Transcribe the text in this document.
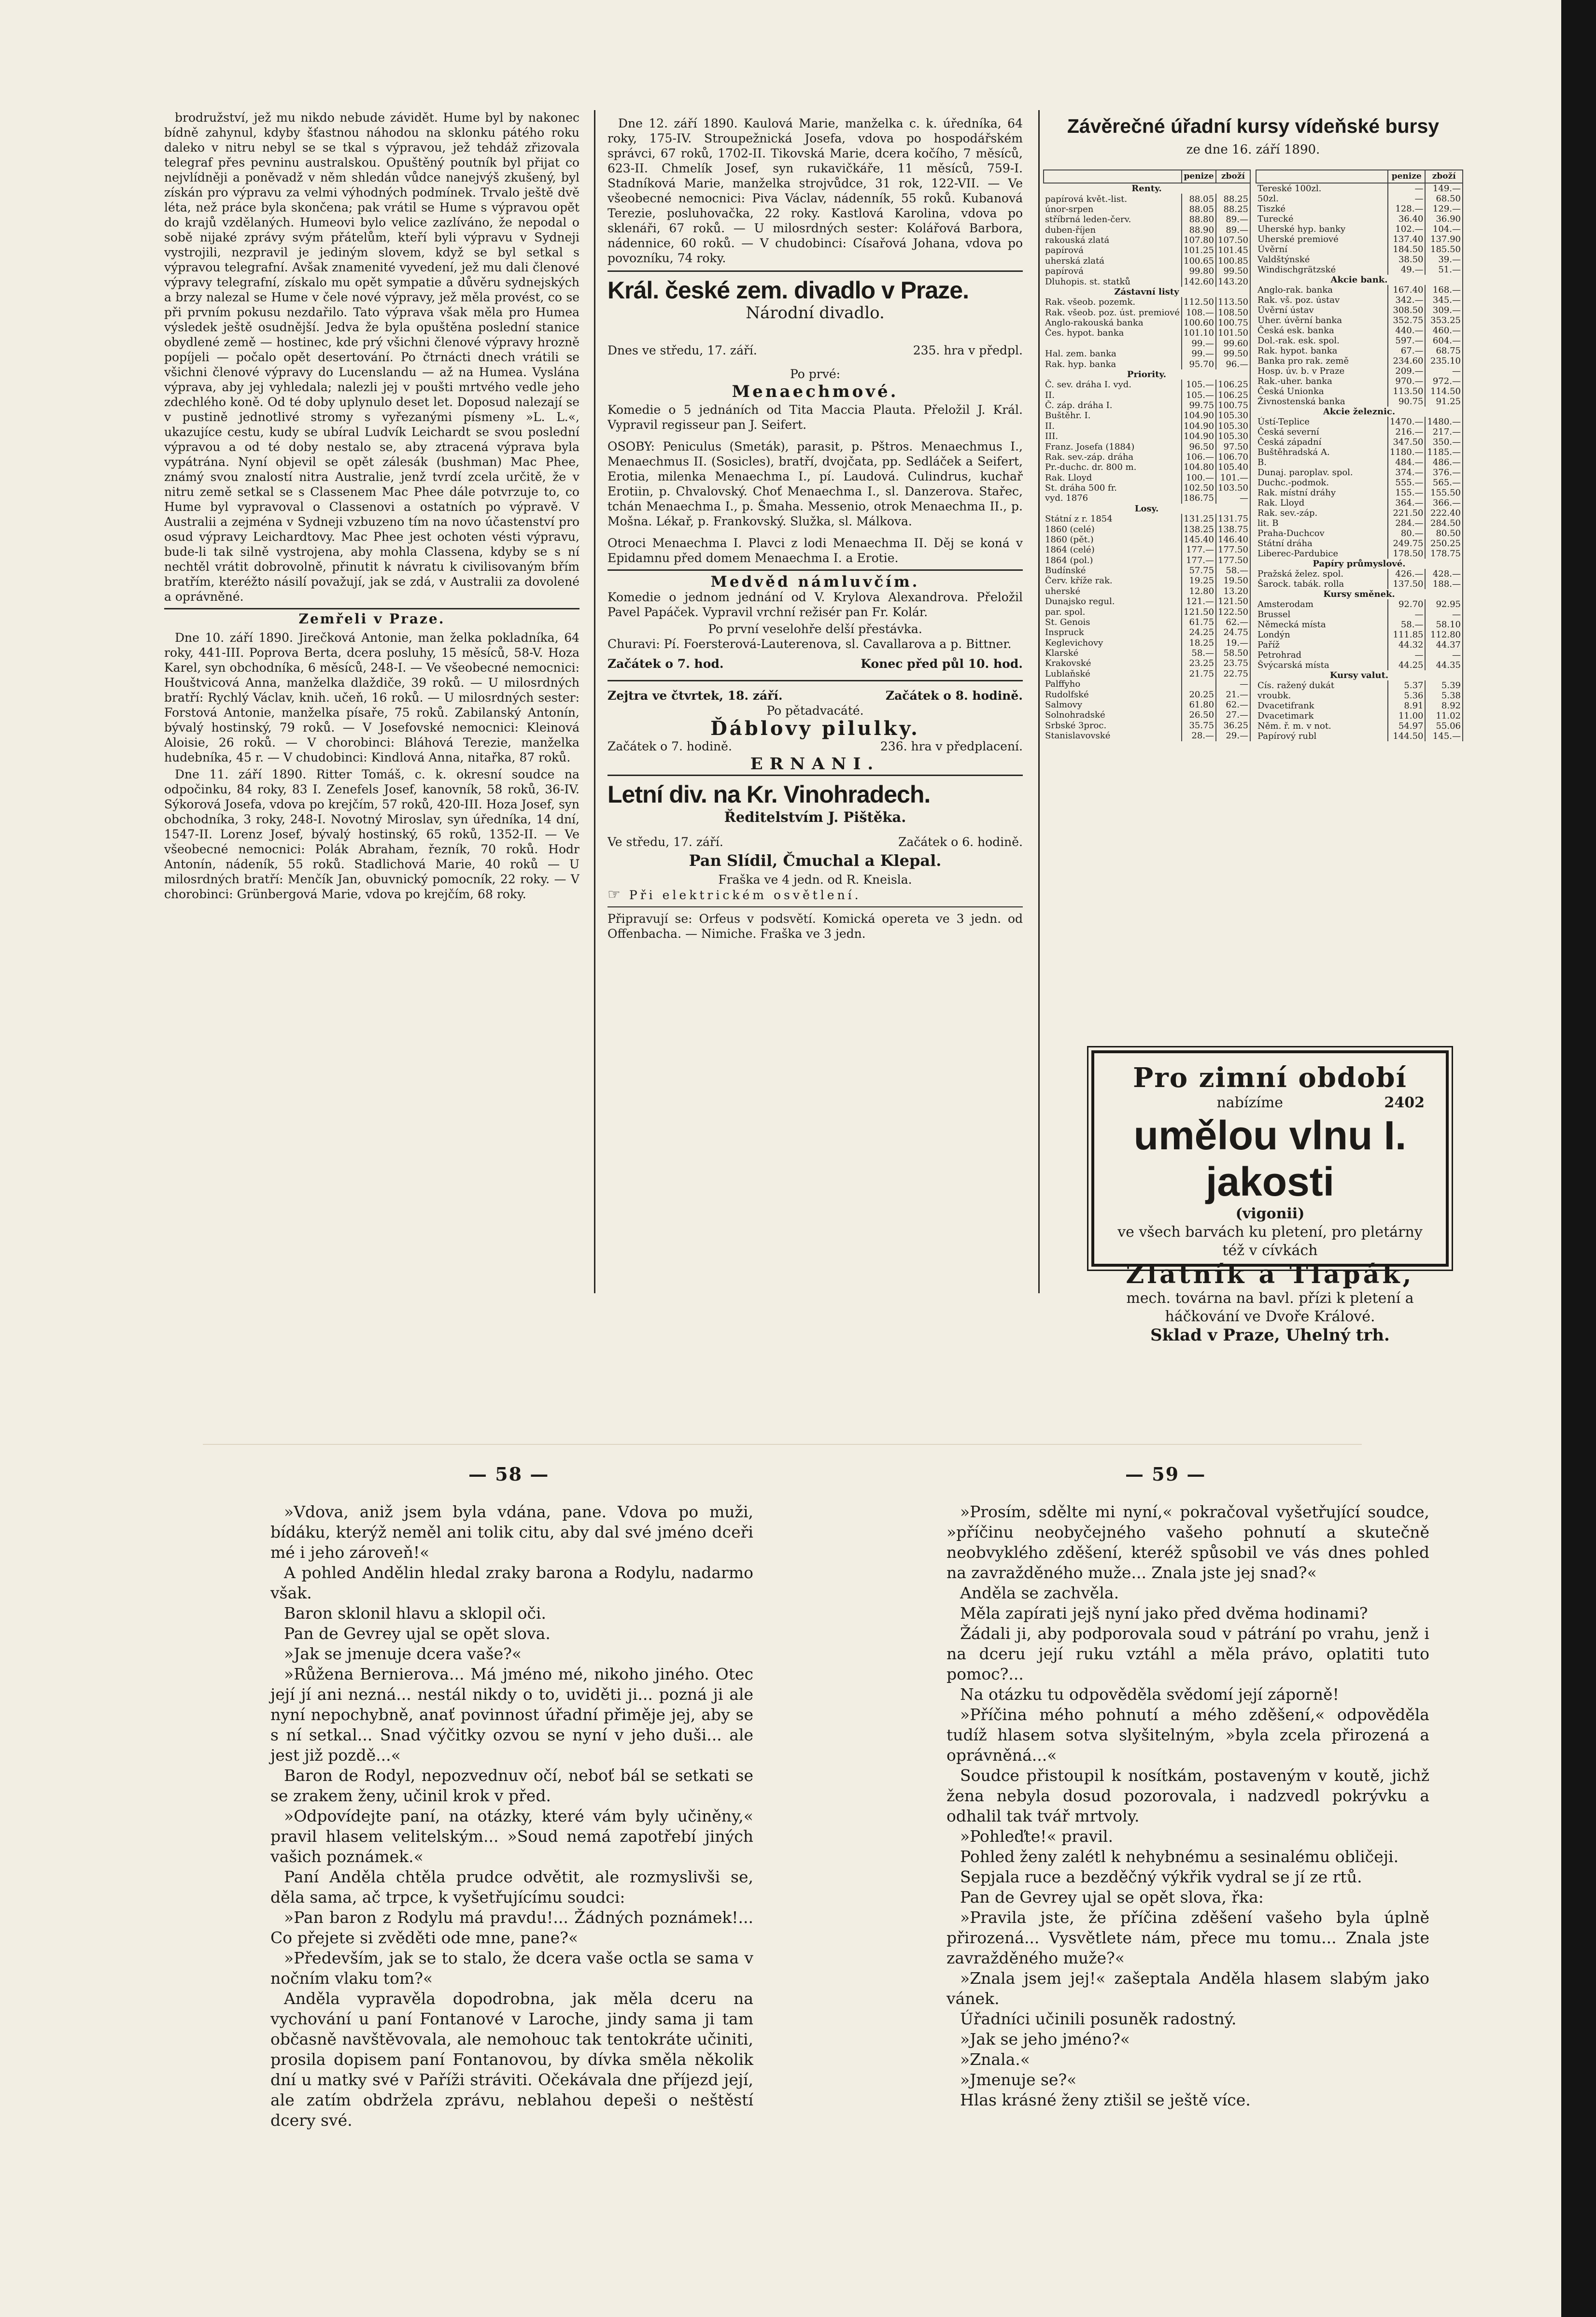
brodružství, jež mu nikdo nebude závidět. Hume byl by nakonec bídně zahynul, kdyby šťastnou náhodou na sklonku pátého roku daleko v nitru nebyl se se tkal s výpravou, jež tehdáž zřizovala telegraf přes pevninu australskou. Opuštěný poutník byl přijat co nejvlídněji a poněvadž v něm shledán vůdce nanejvýš zkušený, byl získán pro výpravu za velmi výhodných podmínek. Trvalo ještě dvě léta, než práce byla skončena; pak vrátil se Hume s výpravou opět do krajů vzdělaných. Humeovi bylo velice zazlíváno, že nepodal o sobě nijaké zprávy svým přátelům, kteří byli výpravu v Sydneji vystrojili, nezpravil je jediným slovem, když se byl setkal s výpravou telegrafní. Avšak znamenité vyvedení, jež mu dali členové výpravy telegrafní, získalo mu opět sympatie a důvěru sydnejských a brzy nalezal se Hume v čele nové výpravy, jež měla provést, co se při prvním pokusu nezdařilo. Tato výprava však měla pro Humea výsledek ještě osudnější. Jedva že byla opuštěna poslední stanice obydlené země — hostinec, kde prý všichni členové výpravy hrozně popíjeli — počalo opět desertování. Po čtrnácti dnech vrátili se všichni členové výpravy do Lucenslandu — až na Humea. Vyslána výprava, aby jej vyhledala; nalezli jej v poušti mrtvého vedle jeho zdechlého koně. Od té doby uplynulo deset let. Doposud nalezají se v pustině jednotlivé stromy s vyřezanými písmeny »L. L.«, ukazujíce cestu, kudy se ubíral Ludvík Leichardt se svou poslední výpravou a od té doby nestalo se, aby ztracená výprava byla vypátrána. Nyní objevil se opět zálesák (bushman) Mac Phee, známý svou znalostí nitra Australie, jenž tvrdí zcela určitě, že v nitru země setkal se s Classenem Mac Phee dále potvrzuje to, co Hume byl vypravoval o Classenovi a ostatních po výpravě. V Australii a zejména v Sydneji vzbuzeno tím na novo účastenství pro osud výpravy Leichardtovy. Mac Phee jest ochoten vésti výpravu, bude-li tak silně vystrojena, aby mohla Classena, kdyby se s ní nechtěl vrátit dobrovolně, přinutit k návratu k civilisovaným břím bratřím, kteréžto násilí považují, jak se zdá, v Australii za dovolené a oprávněné.

Zemřeli v Praze.

Dne 10. září 1890. Jirečková Antonie, man želka pokladníka, 64 roky, 441-III. Poprova Berta, dcera posluhy, 15 měsíců, 58-V. Hoza Karel, syn obchodníka, 6 měsíců, 248-I. — Ve všeobecné nemocnici: Houštvicová Anna, manželka dlaždiče, 39 roků. — U milosrdných bratří: Rychlý Václav, knih. učeň, 16 roků. — U milosrdných sester: Forstová Antonie, manželka písaře, 75 roků. Zabilanský Antonín, bývalý hostinský, 79 roků. — V Josefovské nemocnici: Kleinová Aloisie, 26 roků. — V chorobinci: Bláhová Terezie, manželka hudebníka, 45 r. — V chudobinci: Kindlová Anna, nitařka, 87 roků.

Dne 11. září 1890. Ritter Tomáš, c. k. okresní soudce na odpočinku, 84 roky, 83 I. Zenefels Josef, kanovník, 58 roků, 36-IV. Sýkorová Josefa, vdova po krejčím, 57 roků, 420-III. Hoza Josef, syn obchodníka, 3 roky, 248-I. Novotný Miroslav, syn úředníka, 14 dní, 1547-II. Lorenz Josef, bývalý hostinský, 65 roků, 1352-II. — Ve všeobecné nemocnici: Polák Abraham, řezník, 70 roků. Hodr Antonín, nádeník, 55 roků. Stadlichová Marie, 40 roků — U milosrdných bratří: Menčík Jan, obuvnický pomocník, 22 roky. — V chorobinci: Grünbergová Marie, vdova po krejčím, 68 roky.

Dne 12. září 1890. Kaulová Marie, manželka c. k. úředníka, 64 roky, 175-IV. Stroupežnická Josefa, vdova po hospodářském správci, 67 roků, 1702-II. Tikovská Marie, dcera kočího, 7 měsíců, 623-II. Chmelík Josef, syn rukavičkáře, 11 měsíců, 759-I. Stadníková Marie, manželka strojvůdce, 31 rok, 122-VII. — Ve všeobecné nemocnici: Piva Václav, nádenník, 55 roků. Kubanová Terezie, posluhovačka, 22 roky. Kastlová Karolina, vdova po sklenáři, 67 roků. — U milosrdných sester: Kolářová Barbora, nádennice, 60 roků. — V chudobinci: Císařová Johana, vdova po povozníku, 74 roky.

Král. české zem. divadlo v Praze.
Národní divadlo.
Dnes ve středu, 17. září.	235. hra v předpl.
Po prvé:
Menaechmové.

Komedie o 5 jednáních od Tita Maccia Plauta. Přeložil J. Král. Vypravil regisseur pan J. Seifert.

OSOBY: Peniculus (Smeták), parasit, p. Pštros. Menaechmus I., Menaechmus II. (Sosicles), bratří, dvojčata, pp. Sedláček a Seifert, Erotia, milenka Menaechma I., pí. Laudová. Culindrus, kuchař Erotiin, p. Chvalovský. Choť Menaechma I., sl. Danzerova. Stařec, tchán Menaechma I., p. Šmaha. Messenio, otrok Menaechma II., p. Mošna. Lékař, p. Frankovský. Služka, sl. Málkova.

Otroci Menaechma I. Plavci z lodi Menaechma II. Děj se koná v Epidamnu před domem Menaechma I. a Erotie.

Medvěd námluvčím.

Komedie o jednom jednání od V. Krylova Alexandrova. Přeložil Pavel Papáček. Vypravil vrchní režisér pan Fr. Kolár.

Po první veselohře delší přestávka.

Churavi: Pí. Foersterová-Lauterenova, sl. Cavallarova a p. Bittner.

Začátek o 7. hod.	Konec před půl 10. hod.
Zejtra ve čtvrtek, 18. září.	Začátek o 8. hodině.
Po pětadvacáté.
Ďáblovy pilulky.
Začátek o 7. hodině.	236. hra v předplacení.
ERNANI.
Letní div. na Kr. Vinohradech.
Ředitelstvím J. Pištěka.
Ve středu, 17. září.	Začátek o 6. hodině.
Pan Slídil, Čmuchal a Klepal.
Fraška ve 4 jedn. od R. Kneisla.
☞ Při elektrickém osvětlení.

Připravují se: Orfeus v podsvětí. Komická opereta ve 3 jedn. od Offenbacha. — Nimiche. Fraška ve 3 jedn.

Závěrečné úřadní kursy vídeňské bursy
ze dne 16. září 1890.
	penize	zboží
Renty.		
papírová květ.-list.	88.05	88.25
únor-srpen	88.05	88.25
stříbrná leden-červ.	88.80	89.—
duben-říjen	88.90	89.—
rakouská zlatá	107.80	107.50
papírová	101.25	101.45
uherská zlatá	100.65	100.85
papírová	99.80	99.50
Dluhopis. st. statků	142.60	143.20
Zástavní listy		
Rak. všeob. pozemk.	112.50	113.50
Rak. všeob. poz. úst. premiové	108.—	108.50
Anglo-rakouská banka	100.60	100.75
Čes. hypot. banka	101.10	101.50
	99.—	99.60
Hal. zem. banka	99.—	99.50
Rak. hyp. banka	95.70	96.—
Priority.		
Č. sev. dráha I. vyd.	105.—	106.25
II.	105.—	106.25
Č. záp. dráha I.	99.75	100.75
Buštěhr. I.	104.90	105.30
II.	104.90	105.30
III.	104.90	105.30
Franz. Josefa (1884)	96.50	97.50
Rak. sev.-záp. dráha	106.—	106.70
Pr.-duchc. dr. 800 m.	104.80	105.40
Rak. Lloyd	100.—	101.—
St. dráha 500 fr.	102.50	103.50
vyd. 1876	186.75	—
Losy.		
Státní z r. 1854	131.25	131.75
1860 (celé)	138.25	138.75
1860 (pět.)	145.40	146.40
1864 (celé)	177.—	177.50
1864 (pol.)	177.—	177.50
Budínské	57.75	58.—
Červ. kříže rak.	19.25	19.50
uherské	12.80	13.20
Dunajsko regul.	121.—	121.50
par. spol.	121.50	122.50
St. Genois	61.75	62.—
Inspruck	24.25	24.75
Keglevichovy	18.25	19.—
Klarské	58.—	58.50
Krakovské	23.25	23.75
Lublaňské	21.75	22.75
Palffyho		—
Rudolfské	20.25	21.—
Salmovy	61.80	62.—
Solnohradské	26.50	27.—
Srbské 3proc.	35.75	36.25
Stanislavovské	28.—	29.—
	penize	zboží
Tereské 100zl.	—	149.—
50zl.	—	68.50
Tiszké	128.—	129.—
Turecké	36.40	36.90
Uherské hyp. banky	102.—	104.—
Uherské premiové	137.40	137.90
Úvěrní	184.50	185.50
Valdštýnské	38.50	39.—
Windischgrätzské	49.—	51.—
Akcie bank.		
Anglo-rak. banka	167.40	168.—
Rak. vš. poz. ústav	342.—	345.—
Úvěrní ústav	308.50	309.—
Uher. úvěrní banka	352.75	353.25
Česká esk. banka	440.—	460.—
Dol.-rak. esk. spol.	597.—	604.—
Rak. hypot. banka	67.—	68.75
Banka pro rak. země	234.60	235.10
Hosp. úv. b. v Praze	209.—	—
Rak.-uher. banka	970.—	972.—
Česká Unionka	113.50	114.50
Živnostenská banka	90.75	91.25
Akcie železnic.		
Ústí-Teplice	1470.—	1480.—
Česká severní	216.—	217.—
Česká západní	347.50	350.—
Buštěhradská A.	1180.—	1185.—
B.	484.—	486.—
Dunaj. paroplav. spol.	374.—	376.—
Duchc.-podmok.	555.—	565.—
Rak. místní dráhy	155.—	155.50
Rak. Lloyd	364.—	366.—
Rak. sev.-záp.	221.50	222.40
lit. B	284.—	284.50
Praha-Duchcov	80.—	80.50
Státní dráha	249.75	250.25
Liberec-Pardubice	178.50	178.75
Papíry průmyslové.		
Pražská želez. spol.	426.—	428.—
Šarock. tabák. rolla	137.50	188.—
Kursy směnek.		
Amsterodam	92.70	92.95
Brussel	—	—
Německá místa	58.—	58.10
Londýn	111.85	112.80
Paříž	44.32	44.37
Petrohrad	—	—
Švýcarská místa	44.25	44.35
Kursy valut.		
Cís. ražený dukát	5.37	5.39
vroubk.	5.36	5.38
Dvacetifrank	8.91	8.92
Dvacetimark	11.00	11.02
Něm. ř. m. v not.	54.97	55.06
Papírový rubl	144.50	145.—
Pro zimní období
nabízíme	2402
umělou vlnu I. jakosti
(vigonii)
ve všech barvách ku pletení, pro pletárny též v cívkách
Zlatník a Tlapák,
mech. továrna na bavl. přízi k pletení a háčkování ve Dvoře Králové.
Sklad v Praze, Uhelný trh.
— 58 —

»Vdova, aniž jsem byla vdána, pane. Vdova po muži, bídáku, kterýž neměl ani tolik citu, aby dal své jméno dceři mé i jeho zároveň!«

A pohled Andělin hledal zraky barona a Rodylu, nadarmo však.

Baron sklonil hlavu a sklopil oči.

Pan de Gevrey ujal se opět slova.

»Jak se jmenuje dcera vaše?«

»Růžena Bernierova... Má jméno mé, nikoho jiného. Otec její jí ani nezná... nestál nikdy o to, uviděti ji... pozná ji ale nyní nepochybně, anať povinnost úřadní přiměje jej, aby se s ní setkal... Snad výčitky ozvou se nyní v jeho duši... ale jest již pozdě...«

Baron de Rodyl, nepozvednuv očí, neboť bál se setkati se se zrakem ženy, učinil krok v před.

»Odpovídejte paní, na otázky, které vám byly učiněny,« pravil hlasem velitelským... »Soud nemá zapotřebí jiných vašich poznámek.«

Paní Anděla chtěla prudce odvětit, ale rozmyslivši se, děla sama, ač trpce, k vyšetřujícímu soudci:

»Pan baron z Rodylu má pravdu!... Žádných poznámek!... Co přejete si zvěděti ode mne, pane?«

»Především, jak se to stalo, že dcera vaše octla se sama v nočním vlaku tom?«

Anděla vypravěla dopodrobna, jak měla dceru na vychování u paní Fontanové v Laroche, jindy sama ji tam občasně navštěvovala, ale nemohouc tak tentokráte učiniti, prosila dopisem paní Fontanovou, by dívka směla několik dní u matky své v Paříži stráviti. Očekávala dne příjezd její, ale zatím obdržela zprávu, neblahou depeši o neštěstí dcery své.

— 59 —

»Prosím, sdělte mi nyní,« pokračoval vyšetřující soudce, »příčinu neobyčejného vašeho pohnutí a skutečně neobvyklého zděšení, kteréž spůsobil ve vás dnes pohled na zavražděného muže... Znala jste jej snad?«

Anděla se zachvěla.

Měla zapírati jejš nyní jako před dvěma hodinami?

Žádali ji, aby podporovala soud v pátrání po vrahu, jenž i na dceru její ruku vztáhl a měla právo, oplatiti tuto pomoc?...

Na otázku tu odpověděla svědomí její záporně!

»Příčina mého pohnutí a mého zděšení,« odpověděla tudíž hlasem sotva slyšitelným, »byla zcela přirozená a oprávněná...«

Soudce přistoupil k nosítkám, postaveným v koutě, jichž žena nebyla dosud pozorovala, i nadzvedl pokrývku a odhalil tak tvář mrtvoly.

»Pohleďte!« pravil.

Pohled ženy zalétl k nehybnému a sesinalému obličeji.

Sepjala ruce a bezděčný výkřik vydral se jí ze rtů.

Pan de Gevrey ujal se opět slova, řka:

»Pravila jste, že příčina zděšení vašeho byla úplně přirozená... Vysvětlete nám, přece mu tomu... Znala jste zavražděného muže?«

»Znala jsem jej!« zašeptala Anděla hlasem slabým jako vánek.

Úřadníci učinili posuněk radostný.

»Jak se jeho jméno?«

»Znala.«

»Jmenuje se?«

Hlas krásné ženy ztišil se ještě více.
